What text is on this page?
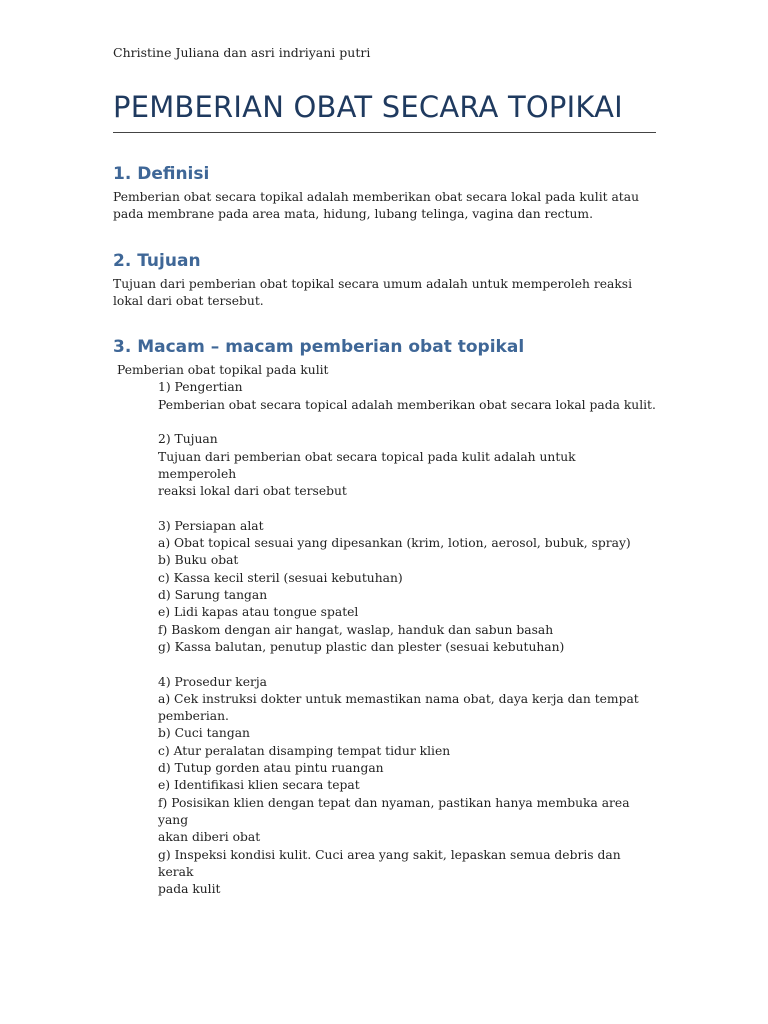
Christine Juliana dan asri indriyani putri

PEMBERIAN OBAT SECARA TOPIKAI
1. Definisi

Pemberian obat secara topikal adalah memberikan obat secara lokal pada kulit atau pada membrane pada area mata, hidung, lubang telinga, vagina dan rectum.

2. Tujuan

Tujuan dari pemberian obat topikal secara umum adalah untuk memperoleh reaksi lokal dari obat tersebut.

3. Macam – macam pemberian obat topikal

Pemberian obat topikal pada kulit

1) Pengertian

Pemberian obat secara topical adalah memberikan obat secara lokal pada kulit.

2) Tujuan

Tujuan dari pemberian obat secara topical pada kulit adalah untuk memperoleh

reaksi lokal dari obat tersebut

3) Persiapan alat

a) Obat topical sesuai yang dipesankan (krim, lotion, aerosol, bubuk, spray)

b) Buku obat

c) Kassa kecil steril (sesuai kebutuhan)

d) Sarung tangan

e) Lidi kapas atau tongue spatel

f) Baskom dengan air hangat, waslap, handuk dan sabun basah

g) Kassa balutan, penutup plastic dan plester (sesuai kebutuhan)

4) Prosedur kerja

a) Cek instruksi dokter untuk memastikan nama obat, daya kerja dan tempat

pemberian.

b) Cuci tangan

c) Atur peralatan disamping tempat tidur klien

d) Tutup gorden atau pintu ruangan

e) Identifikasi klien secara tepat

f) Posisikan klien dengan tepat dan nyaman, pastikan hanya membuka area yang

akan diberi obat

g) Inspeksi kondisi kulit. Cuci area yang sakit, lepaskan semua debris dan kerak

pada kulit
